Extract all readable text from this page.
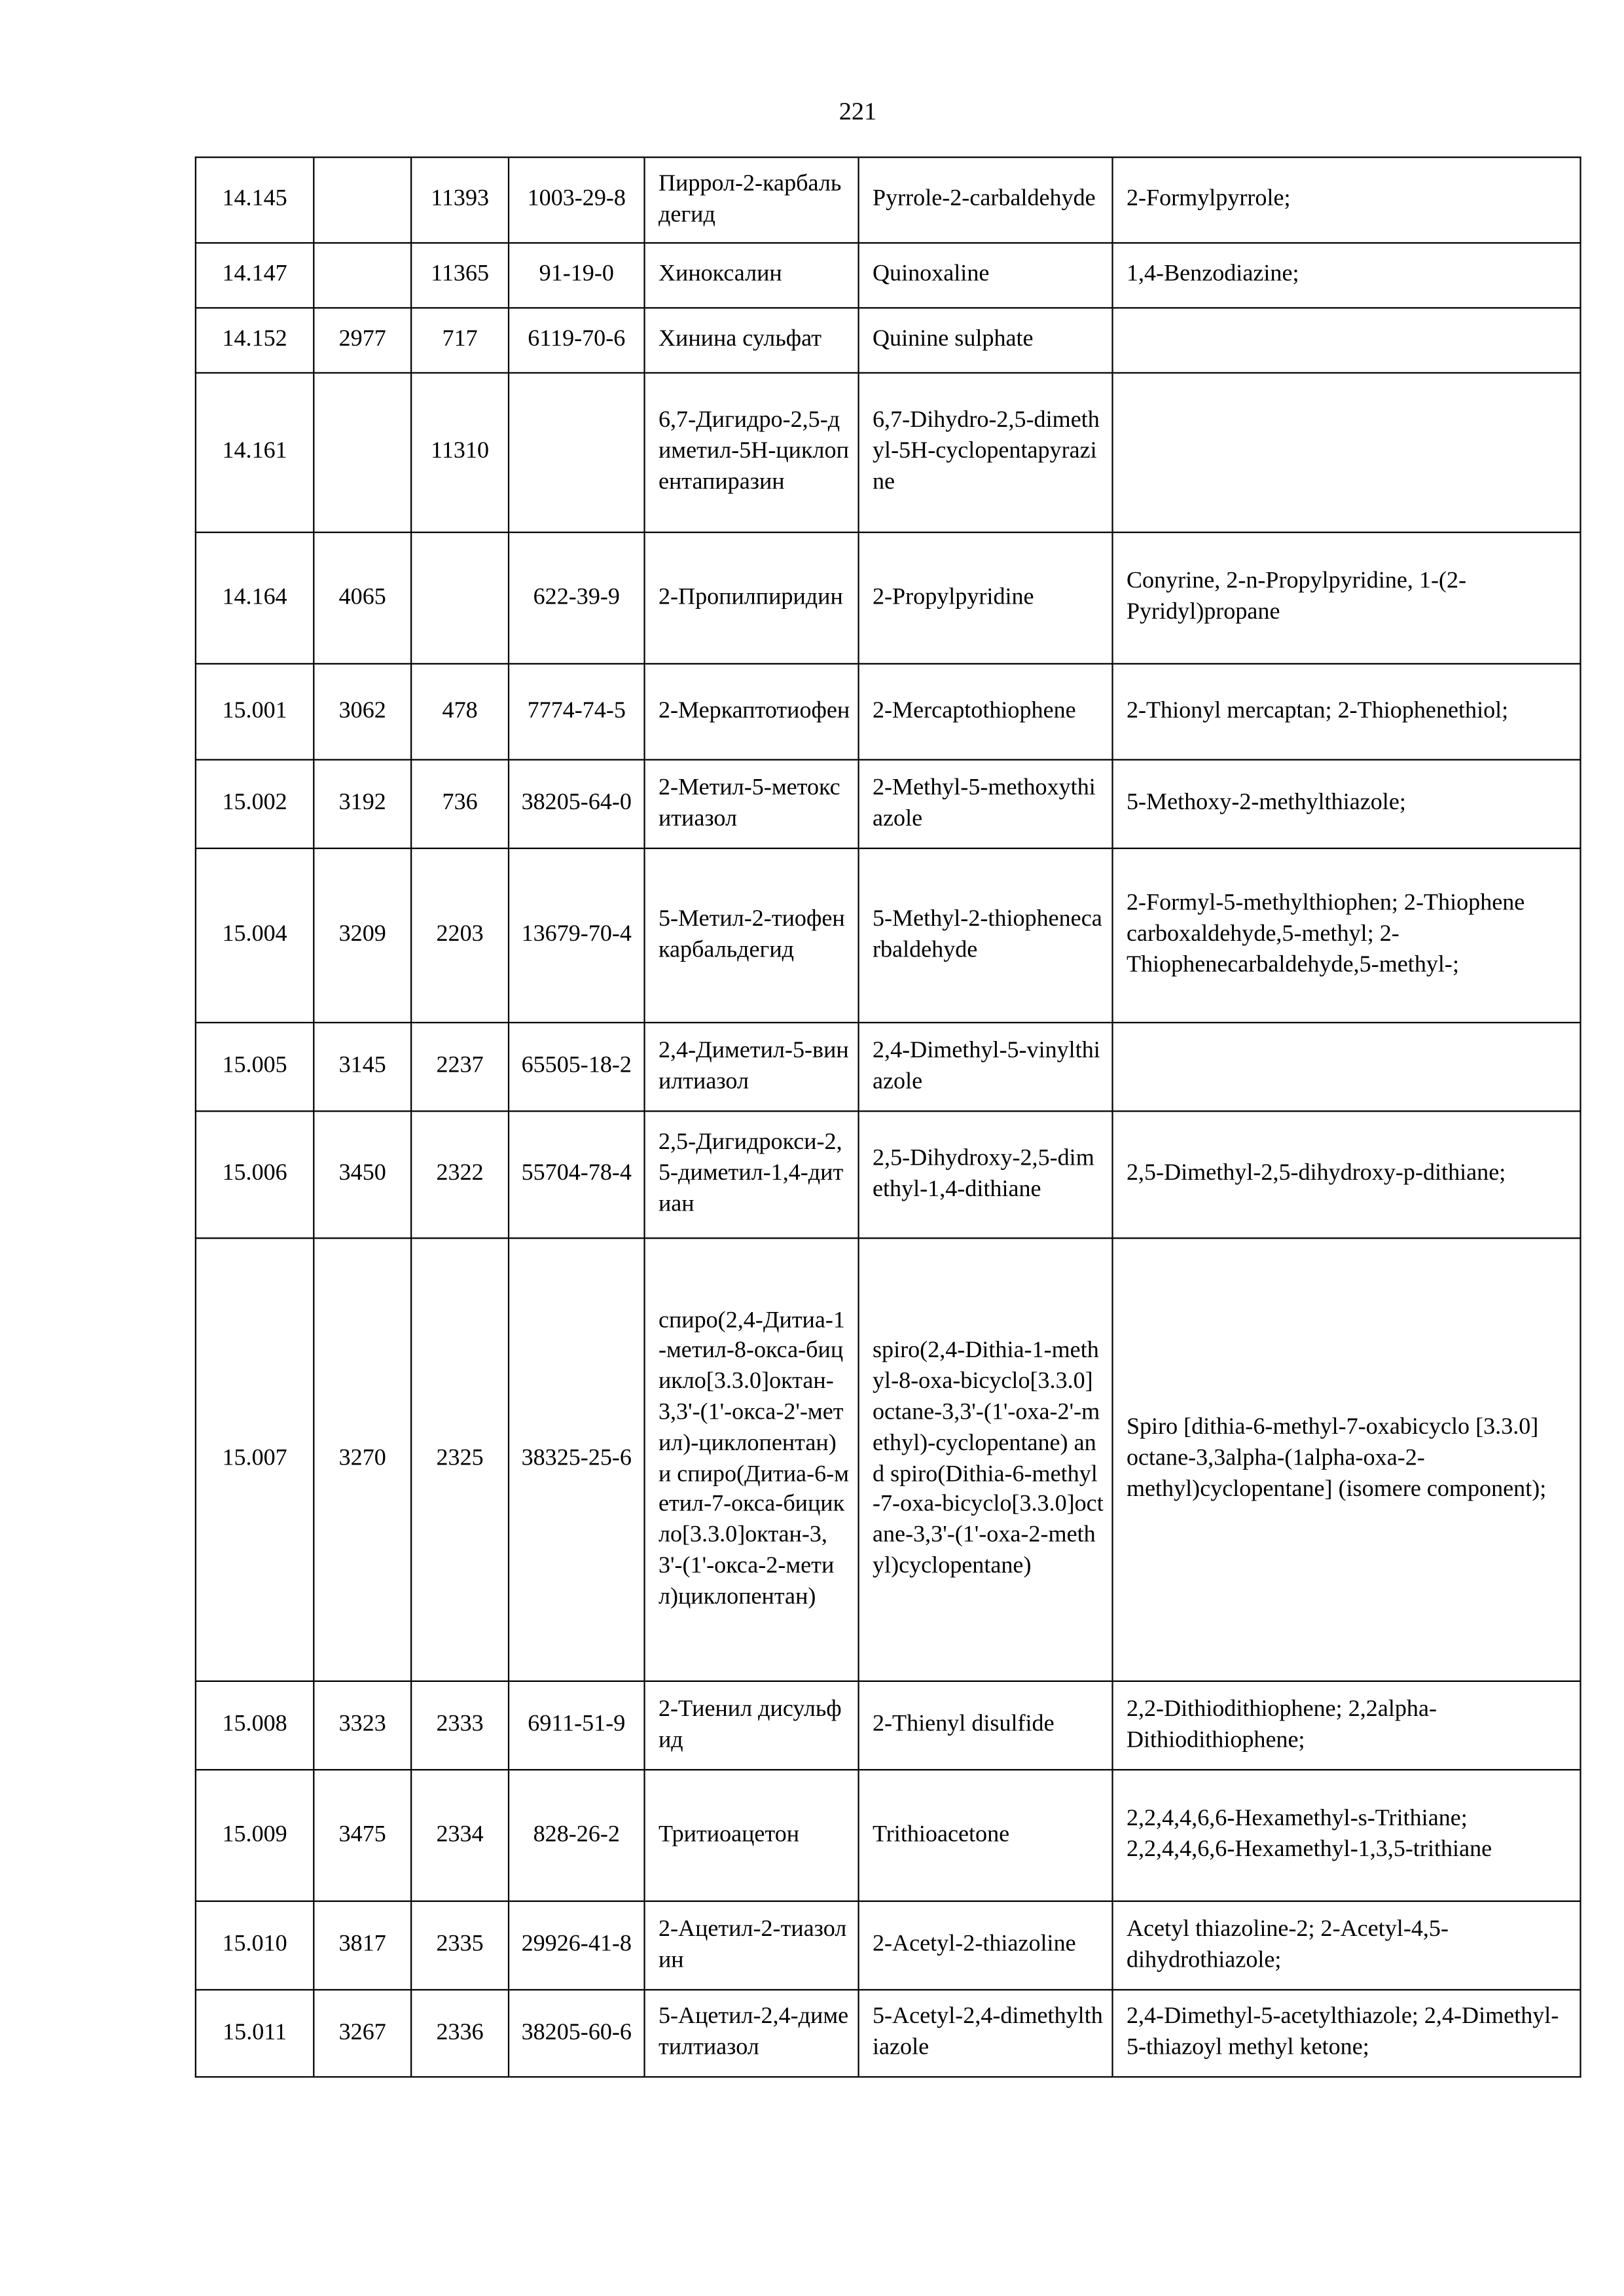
221
14.145		11393	1003-29-8	Пиррол-2-карбальдегид	Pyrrole-2-carbaldehyde	2-Formylpyrrole;
14.147		11365	91-19-0	Хиноксалин	Quinoxaline	1,4-Benzodiazine;
14.152	2977	717	6119-70-6	Хинина сульфат	Quinine sulphate	
14.161		11310		6,7-Дигидро-2,5-диметил-5H-циклопентапиразин	6,7-Dihydro-2,5-dimethyl-5H-cyclopentapyrazine	
14.164	4065		622-39-9	2-Пропилпиридин	2-Propylpyridine	Conyrine, 2-n-Propylpyridine, 1-(2-Pyridyl)propane
15.001	3062	478	7774-74-5	2-Меркаптотиофен	2-Mercaptothiophene	2-Thionyl mercaptan; 2-Thiophenethiol;
15.002	3192	736	38205-64-0	2-Метил-5-метокситиазол	2-Methyl-5-methoxythiazole	5-Methoxy-2-methylthiazole;
15.004	3209	2203	13679-70-4	5-Метил-2-тиофенкарбальдегид	5-Methyl-2-thiophenecarbaldehyde	2-Formyl-5-methylthiophen; 2-Thiophene carboxaldehyde,5-methyl; 2-Thiophenecarbaldehyde,5-methyl-;
15.005	3145	2237	65505-18-2	2,4-Диметил-5-винилтиазол	2,4-Dimethyl-5-vinylthiazole	
15.006	3450	2322	55704-78-4	2,5-Дигидрокси-2,5-диметил-1,4-дитиан	2,5-Dihydroxy-2,5-dimethyl-1,4-dithiane	2,5-Dimethyl-2,5-dihydroxy-p-dithiane;
15.007	3270	2325	38325-25-6	спиро(2,4-Дитиа-1-метил-8-окса-бицикло[3.3.0]октан-3,3'-(1'-окса-2'-метил)-циклопентан) и спиро(Дитиа-6-метил-7-окса-бицикло[3.3.0]октан-3,3'-(1'-окса-2-метил)циклопентан)	spiro(2,4-Dithia-1-methyl-8-oxa-bicyclo[3.3.0]octane-3,3'-(1'-oxa-2'-methyl)-cyclopentane) and spiro(Dithia-6-methyl-7-oxa-bicyclo[3.3.0]octane-3,3'-(1'-oxa-2-methyl)cyclopentane)	Spiro [dithia-6-methyl-7-oxabicyclo [3.3.0] octane-3,3alpha-(1alpha-oxa-2-methyl)cyclopentane] (isomere component);
15.008	3323	2333	6911-51-9	2-Тиенил дисульфид	2-Thienyl disulfide	2,2-Dithiodithiophene; 2,2alpha-Dithiodithiophene;
15.009	3475	2334	828-26-2	Тритиоацетон	Trithioacetone	2,2,4,4,6,6-Hexamethyl-s-Trithiane; 2,2,4,4,6,6-Hexamethyl-1,3,5-trithiane
15.010	3817	2335	29926-41-8	2-Ацетил-2-тиазолин	2-Acetyl-2-thiazoline	Acetyl thiazoline-2; 2-Acetyl-4,5-dihydrothiazole;
15.011	3267	2336	38205-60-6	5-Ацетил-2,4-диметилтиазол	5-Acetyl-2,4-dimethylthiazole	2,4-Dimethyl-5-acetylthiazole; 2,4-Dimethyl-5-thiazoyl methyl ketone;
